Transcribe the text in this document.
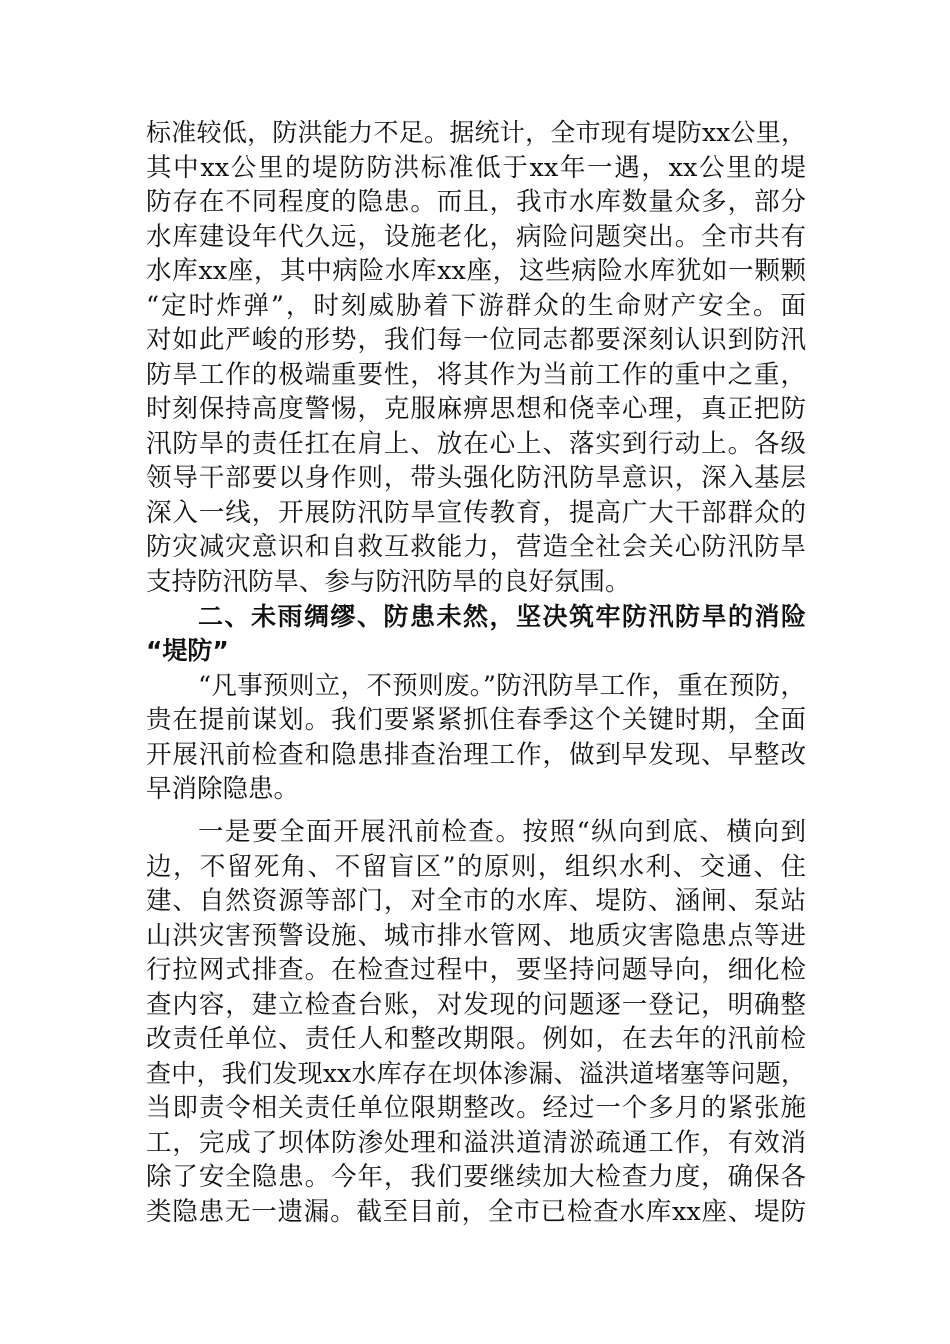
标准较低，防洪能力不足。据统计，全市现有堤防xx公里，
其中xx公里的堤防防洪标准低于xx年一遇，xx公里的堤
防存在不同程度的隐患。而且，我市水库数量众多，部分
水库建设年代久远，设施老化，病险问题突出。全市共有
水库xx座，其中病险水库xx座，这些病险水库犹如一颗颗
“定时炸弹”，时刻威胁着下游群众的生命财产安全。面
对如此严峻的形势，我们每一位同志都要深刻认识到防汛
防旱工作的极端重要性，将其作为当前工作的重中之重，
时刻保持高度警惕，克服麻痹思想和侥幸心理，真正把防
汛防旱的责任扛在肩上、放在心上、落实到行动上。各级
领导干部要以身作则，带头强化防汛防旱意识，深入基层
深入一线，开展防汛防旱宣传教育，提高广大干部群众的
防灾减灾意识和自救互救能力，营造全社会关心防汛防旱
支持防汛防旱、参与防汛防旱的良好氛围。
二、未雨绸缪、防患未然，坚决筑牢防汛防旱的消险
“堤防”
“凡事预则立，不预则废。”防汛防旱工作，重在预防，
贵在提前谋划。我们要紧紧抓住春季这个关键时期，全面
开展汛前检查和隐患排查治理工作，做到早发现、早整改
早消除隐患。
一是要全面开展汛前检查。按照“纵向到底、横向到
边，不留死角、不留盲区”的原则，组织水利、交通、住
建、自然资源等部门，对全市的水库、堤防、涵闸、泵站
山洪灾害预警设施、城市排水管网、地质灾害隐患点等进
行拉网式排查。在检查过程中，要坚持问题导向，细化检
查内容，建立检查台账，对发现的问题逐一登记，明确整
改责任单位、责任人和整改期限。例如，在去年的汛前检
查中，我们发现xx水库存在坝体渗漏、溢洪道堵塞等问题，
当即责令相关责任单位限期整改。经过一个多月的紧张施
工，完成了坝体防渗处理和溢洪道清淤疏通工作，有效消
除了安全隐患。今年，我们要继续加大检查力度，确保各
类隐患无一遗漏。截至目前，全市已检查水库xx座、堤防
